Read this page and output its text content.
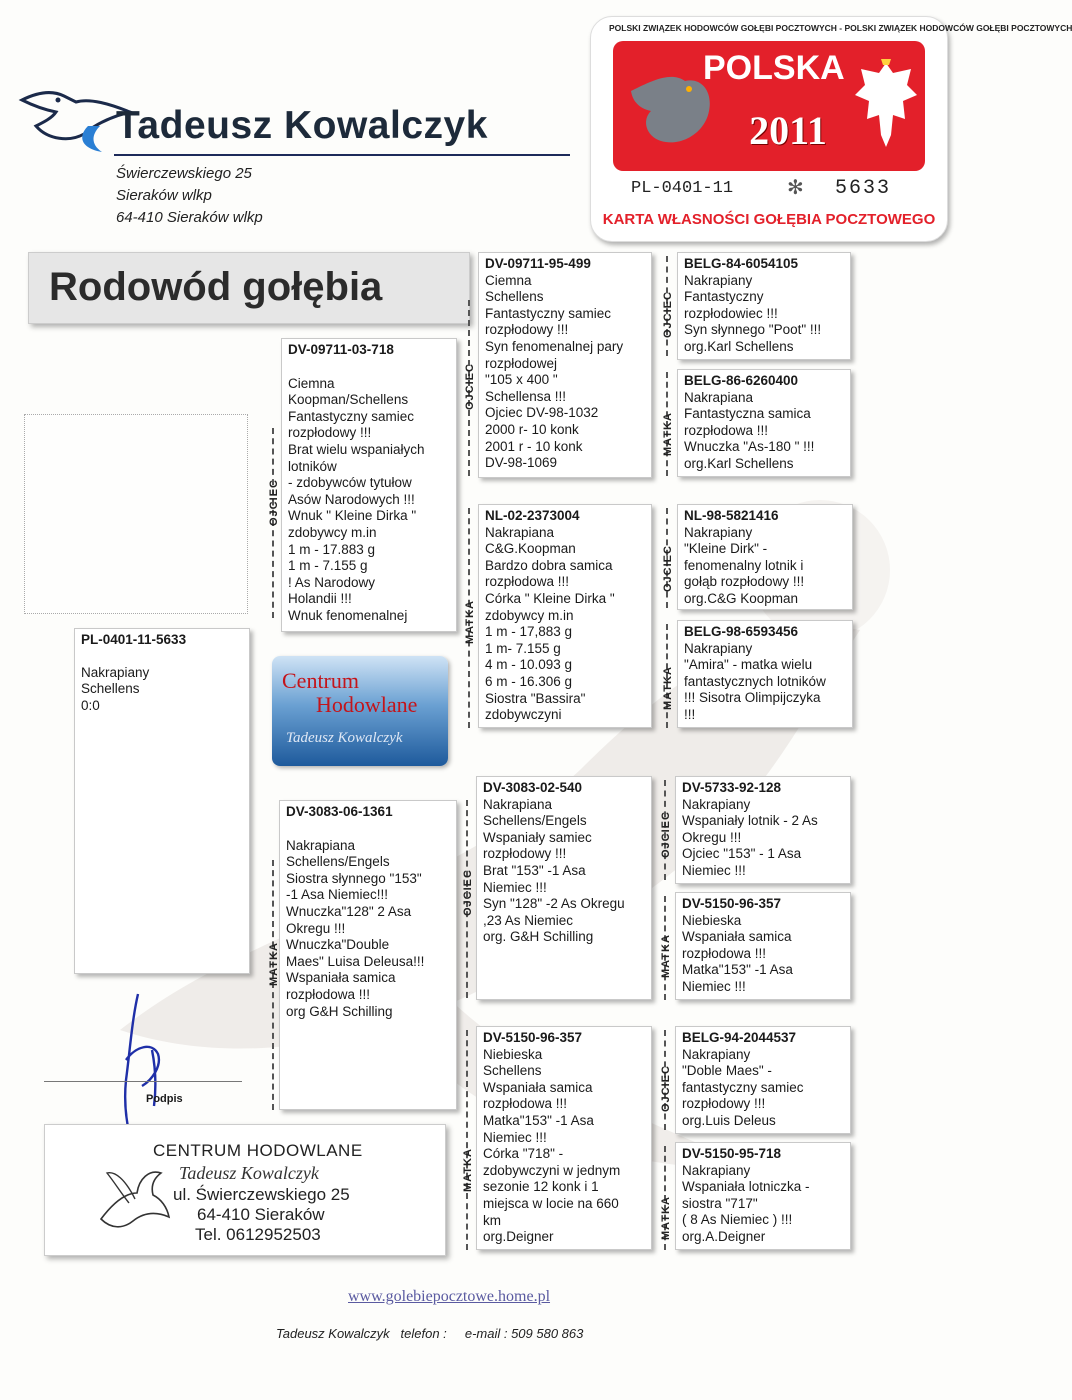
Tadeusz Kowalczyk
Świerczewskiego 25
Sieraków wlkp
64-410 Sieraków wlkp
POLSKI ZWIĄZEK HODOWCÓW GOŁĘBI POCZTOWYCH - POLSKI ZWIĄZEK HODOWCÓW GOŁĘBI POCZTOWYCH
POLSKA
2011
PL-0401-11	✻ 5633
KARTA WŁASNOŚCI GOŁĘBIA POCZTOWEGO
Rodowód gołębia
PL-0401-11-5633
Nakrapiany
Schellens
0:0
Centrum
Hodowlane
Tadeusz Kowalczyk
DV-09711-03-718
Ciemna
Koopman/Schellens
Fantastyczny samiec
rozpłodowy !!!
Brat wielu wspaniałych
lotników
- zdobywców tytułow
Asów Narodowych !!!
Wnuk " Kleine Dirka "
zdobywcy m.in
1 m - 17.883 g
1 m - 7.155 g
! As Narodowy
Holandii !!!
Wnuk fenomenalnej
DV-3083-06-1361
Nakrapiana
Schellens/Engels
Siostra słynnego "153"
-1 Asa Niemiec!!!
Wnuczka"128" 2 Asa
Okregu !!!
Wnuczka"Double
Maes" Luisa Deleusa!!!
Wspaniała samica
rozpłodowa !!!
org G&H Schilling
OJCIEC
MATKA
DV-09711-95-499
Ciemna
Schellens
Fantastyczny samiec
rozpłodowy !!!
Syn fenomenalnej pary
rozpłodowej
"105 x 400 "
Schellensa !!!
Ojciec DV-98-1032
2000 r- 10 konk
2001 r - 10 konk
DV-98-1069
NL-02-2373004
Nakrapiana
C&G.Koopman
Bardzo dobra samica
rozpłodowa !!!
Córka " Kleine Dirka "
zdobywcy m.in
1 m - 17,883 g
1 m- 7.155 g
4 m - 10.093 g
6 m - 16.306 g
Siostra "Bassira"
zdobywczyni
DV-3083-02-540
Nakrapiana
Schellens/Engels
Wspaniały samiec
rozpłodowy !!!
Brat "153" -1 Asa
Niemiec !!!
Syn "128" -2 As Okregu
,23 As Niemiec
org. G&H Schilling
DV-5150-96-357
Niebieska
Schellens
Wspaniała samica
rozpłodowa !!!
Matka"153" -1 Asa
Niemiec !!!
Córka "718" -
zdobywczyni w jednym
sezonie 12 konk i 1
miejsca w locie na 660
km
org.Deigner
OJCIEC
MATKA
OJCIEC
MATKA
BELG-84-6054105
Nakrapiany
Fantastyczny
rozpłodowiec !!!
Syn słynnego "Poot" !!!
org.Karl Schellens
BELG-86-6260400
Nakrapiana
Fantastyczna samica
rozpłodowa !!!
Wnuczka "As-180 " !!!
org.Karl Schellens
NL-98-5821416
Nakrapiany
"Kleine Dirk" -
fenomenalny lotnik i
gołąb rozpłodowy !!!
org.C&G Koopman
BELG-98-6593456
Nakrapiany
"Amira" - matka wielu
fantastycznych lotników
!!! Sisotra Olimpijczyka
!!!
DV-5733-92-128
Nakrapiany
Wspaniały lotnik - 2 As
Okregu !!!
Ojciec "153" - 1 Asa
Niemiec !!!
DV-5150-96-357
Niebieska
Wspaniała samica
rozpłodowa !!!
Matka"153" -1 Asa
Niemiec !!!
BELG-94-2044537
Nakrapiany
"Doble Maes" -
fantastyczny samiec
rozpłodowy !!!
org.Luis Deleus
DV-5150-95-718
Nakrapiany
Wspaniała lotniczka -
siostra "717"
( 8 As Niemiec ) !!!
org.A.Deigner
OJCIEC
MATKA
OJCIEC
MATKA
OJCIEC
MATKA
OJCIEC
MATKA
Podpis
CENTRUM HODOWLANE
Tadeusz Kowalczyk
ul. Świerczewskiego 25
64-410 Sieraków
Tel. 0612952503
www.golebiepocztowe.home.pl
Tadeusz Kowalczyk   telefon :     e-mail : 509 580 863
